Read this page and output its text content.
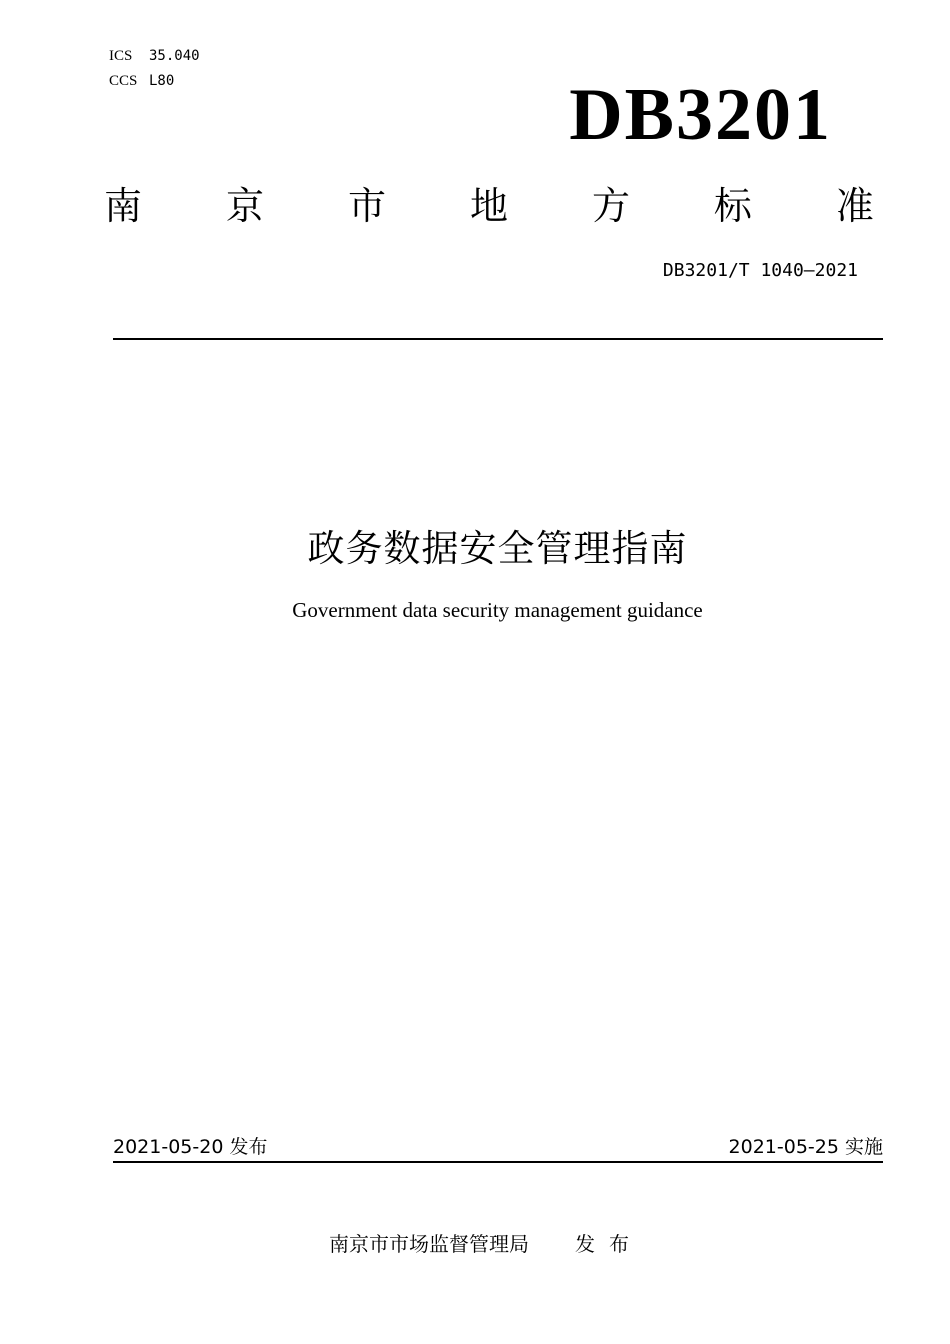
ICS 35.040
CCS L80	DB3201
南 京 市 地 方 标 准
DB3201/T 1040—2021
政务数据安全管理指南
Government data security management guidance
2021-05-20 发布	2021-05-25 实施
南京市市场监督管理局 发布
